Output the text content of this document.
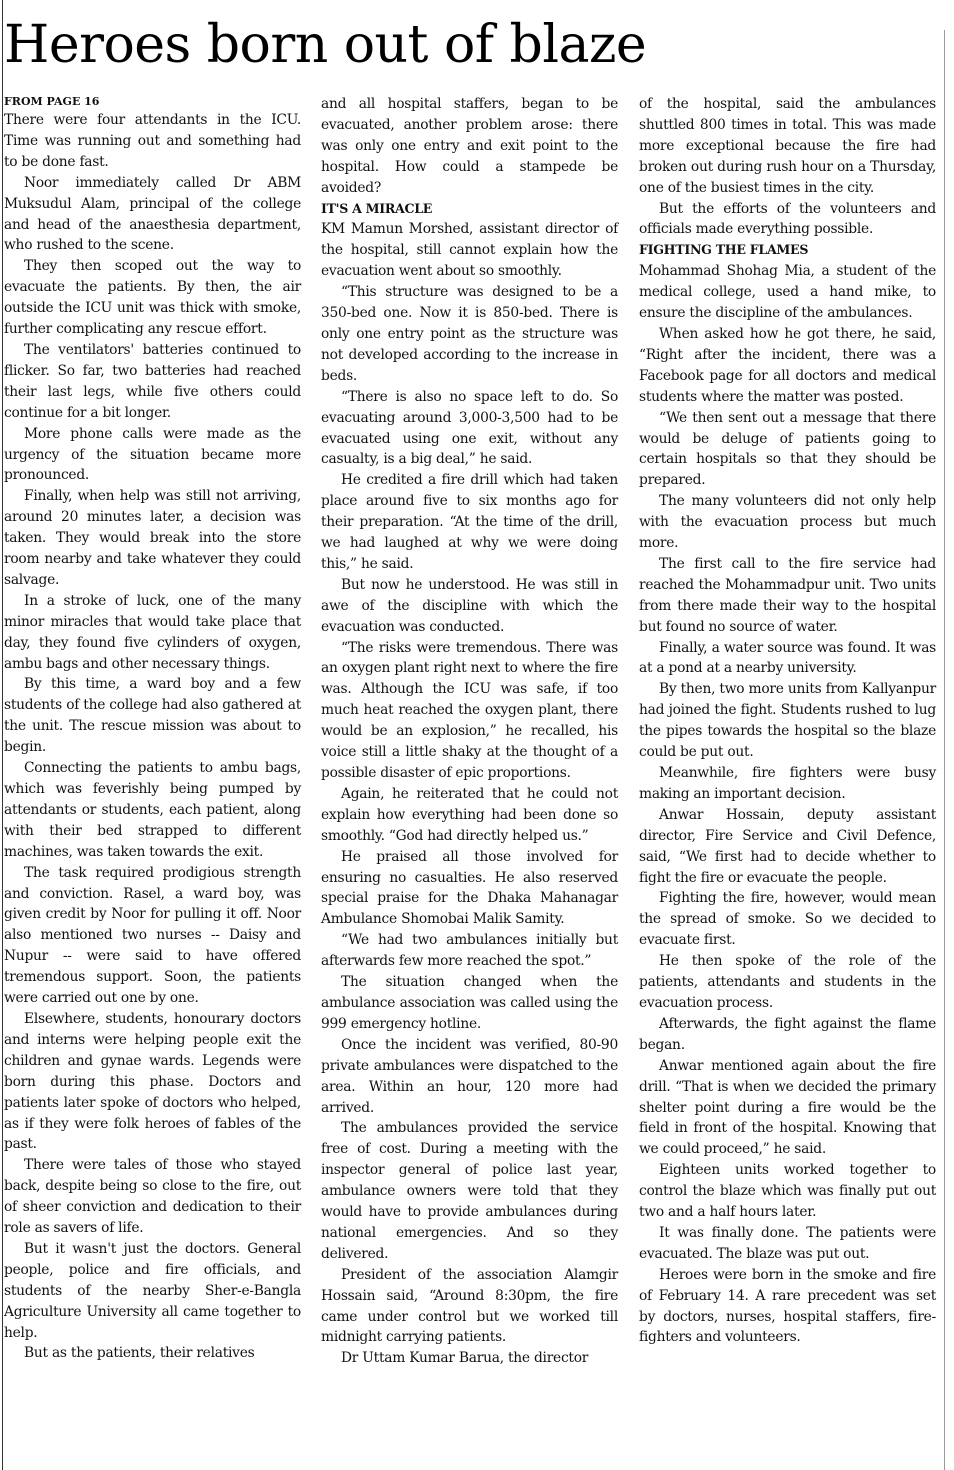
Heroes born out of blaze
FROM PAGE 16

There were four attendants in the ICU. Time was running out and something had to be done fast.

Noor immediately called Dr ABM Muksudul Alam, principal of the college and head of the anaesthesia department, who rushed to the scene.

They then scoped out the way to evacuate the patients. By then, the air outside the ICU unit was thick with smoke, further complicating any rescue effort.

The ventilators' batteries continued to flicker. So far, two batteries had reached their last legs, while five others could continue for a bit longer.

More phone calls were made as the urgency of the situation became more pronounced.

Finally, when help was still not arriving, around 20 minutes later, a decision was taken. They would break into the store room nearby and take whatever they could salvage.

In a stroke of luck, one of the many minor miracles that would take place that day, they found five cylinders of oxygen, ambu bags and other necessary things.

By this time, a ward boy and a few students of the college had also gathered at the unit. The rescue mission was about to begin.

Connecting the patients to ambu bags, which was feverishly being pumped by attendants or students, each patient, along with their bed strapped to different machines, was taken towards the exit.

The task required prodigious strength and conviction. Rasel, a ward boy, was given credit by Noor for pulling it off. Noor also mentioned two nurses -- Daisy and Nupur -- were said to have offered tremendous support. Soon, the patients were carried out one by one.

Elsewhere, students, honourary doctors and interns were helping people exit the children and gynae wards. Legends were born during this phase. Doctors and patients later spoke of doctors who helped, as if they were folk heroes of fables of the past.

There were tales of those who stayed back, despite being so close to the fire, out of sheer conviction and dedication to their role as savers of life.

But it wasn't just the doctors. General people, police and fire officials, and students of the nearby Sher-e-Bangla Agriculture University all came together to help.

But as the patients, their relatives

and all hospital staffers, began to be evacuated, another problem arose: there was only one entry and exit point to the hospital. How could a stampede be avoided?

IT'S A MIRACLE

KM Mamun Morshed, assistant director of the hospital, still cannot explain how the evacuation went about so smoothly.

“This structure was designed to be a 350-bed one. Now it is 850-bed. There is only one entry point as the structure was not developed according to the increase in beds.

“There is also no space left to do. So evacuating around 3,000-3,500 had to be evacuated using one exit, without any casualty, is a big deal,” he said.

He credited a fire drill which had taken place around five to six months ago for their preparation. “At the time of the drill, we had laughed at why we were doing this,” he said.

But now he understood. He was still in awe of the discipline with which the evacuation was conducted.

“The risks were tremendous. There was an oxygen plant right next to where the fire was. Although the ICU was safe, if too much heat reached the oxygen plant, there would be an explosion,” he recalled, his voice still a little shaky at the thought of a possible disaster of epic proportions.

Again, he reiterated that he could not explain how everything had been done so smoothly. “God had directly helped us.”

He praised all those involved for ensuring no casualties. He also reserved special praise for the Dhaka Mahanagar Ambulance Shomobai Malik Samity.

“We had two ambulances initially but afterwards few more reached the spot.”

The situation changed when the ambulance association was called using the 999 emergency hotline.

Once the incident was verified, 80-90 private ambulances were dispatched to the area. Within an hour, 120 more had arrived.

The ambulances provided the service free of cost. During a meeting with the inspector general of police last year, ambulance owners were told that they would have to provide ambulances during national emergencies. And so they delivered.

President of the association Alamgir Hossain said, “Around 8:30pm, the fire came under control but we worked till midnight carrying patients.

Dr Uttam Kumar Barua, the director

of the hospital, said the ambulances shuttled 800 times in total. This was made more exceptional because the fire had broken out during rush hour on a Thursday, one of the busiest times in the city.

But the efforts of the volunteers and officials made everything possible.

FIGHTING THE FLAMES

Mohammad Shohag Mia, a student of the medical college, used a hand mike, to ensure the discipline of the ambulances.

When asked how he got there, he said, “Right after the incident, there was a Facebook page for all doctors and medical students where the matter was posted.

“We then sent out a message that there would be deluge of patients going to certain hospitals so that they should be prepared.

The many volunteers did not only help with the evacuation process but much more.

The first call to the fire service had reached the Mohammadpur unit. Two units from there made their way to the hospital but found no source of water.

Finally, a water source was found. It was at a pond at a nearby university.

By then, two more units from Kallyanpur had joined the fight. Students rushed to lug the pipes towards the hospital so the blaze could be put out.

Meanwhile, fire fighters were busy making an important decision.

Anwar Hossain, deputy assistant director, Fire Service and Civil Defence, said, “We first had to decide whether to fight the fire or evacuate the people.

Fighting the fire, however, would mean the spread of smoke. So we decided to evacuate first.

He then spoke of the role of the patients, attendants and students in the evacuation process.

Afterwards, the fight against the flame began.

Anwar mentioned again about the fire drill. “That is when we decided the primary shelter point during a fire would be the field in front of the hospital. Knowing that we could proceed,” he said.

Eighteen units worked together to control the blaze which was finally put out two and a half hours later.

It was finally done. The patients were evacuated. The blaze was put out.

Heroes were born in the smoke and fire of February 14. A rare precedent was set by doctors, nurses, hospital staffers, fire-fighters and volunteers.
